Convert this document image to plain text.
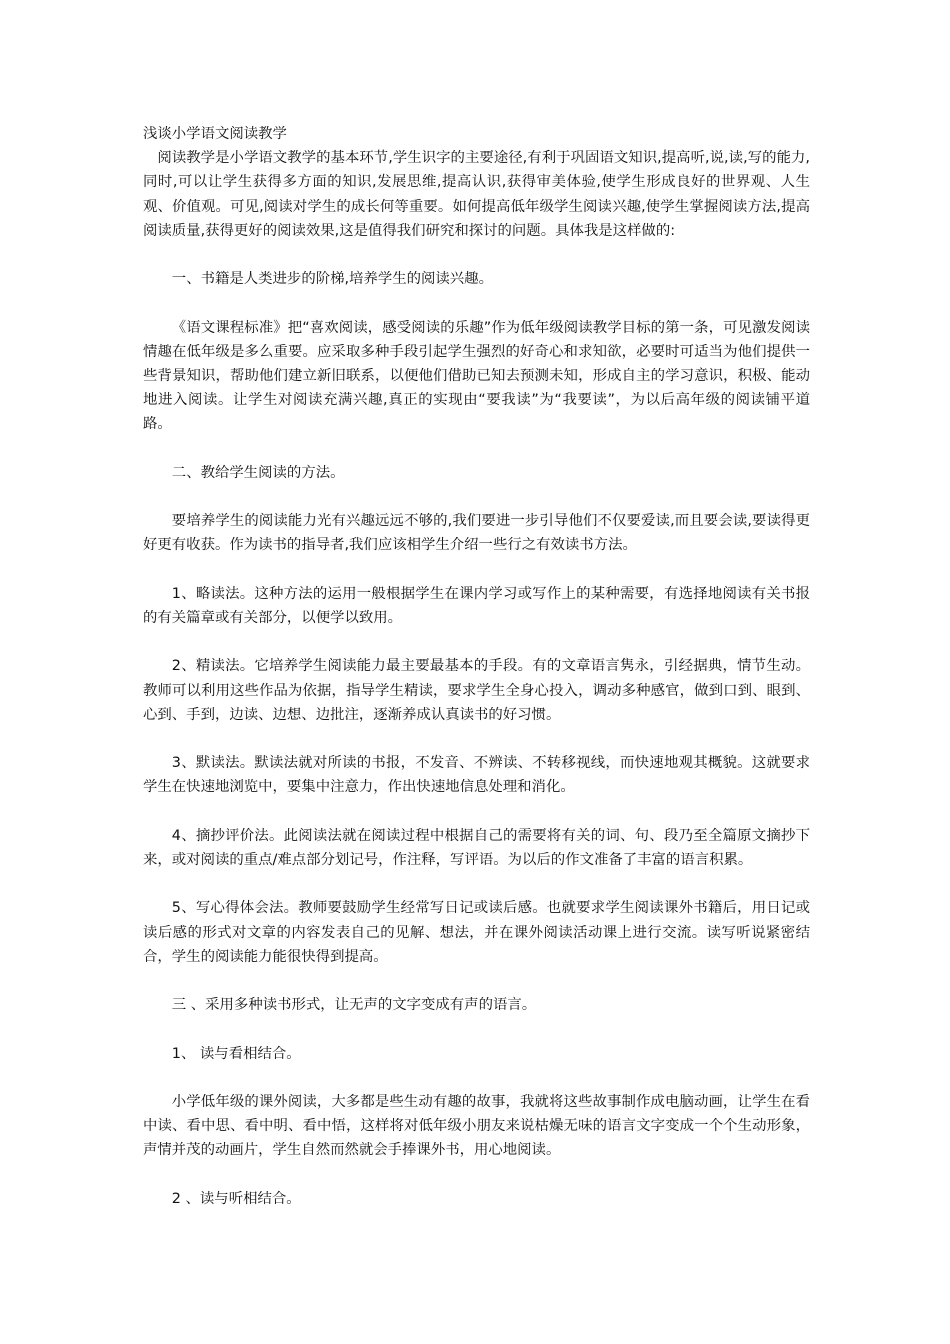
浅谈小学语文阅读教学

阅读教学是小学语文教学的基本环节,学生识字的主要途径,有利于巩固语文知识,提高听,说,读,写的能力,同时,可以让学生获得多方面的知识,发展思维,提高认识,获得审美体验,使学生形成良好的世界观、人生观、价值观。可见,阅读对学生的成长何等重要。如何提高低年级学生阅读兴趣,使学生掌握阅读方法,提高阅读质量,获得更好的阅读效果,这是值得我们研究和探讨的问题。具体我是这样做的:

一、书籍是人类进步的阶梯,培养学生的阅读兴趣。

《语文课程标准》把“喜欢阅读，感受阅读的乐趣”作为低年级阅读教学目标的第一条，可见激发阅读情趣在低年级是多么重要。应采取多种手段引起学生强烈的好奇心和求知欲，必要时可适当为他们提供一些背景知识，帮助他们建立新旧联系，以便他们借助已知去预测未知，形成自主的学习意识，积极、能动地进入阅读。让学生对阅读充满兴趣,真正的实现由“要我读”为“我要读”，为以后高年级的阅读铺平道路。

二、教给学生阅读的方法。

要培养学生的阅读能力光有兴趣远远不够的,我们要进一步引导他们不仅要爱读,而且要会读,要读得更好更有收获。作为读书的指导者,我们应该相学生介绍一些行之有效读书方法。

1、略读法。这种方法的运用一般根据学生在课内学习或写作上的某种需要，有选择地阅读有关书报的有关篇章或有关部分，以便学以致用。

2、精读法。它培养学生阅读能力最主要最基本的手段。有的文章语言隽永，引经据典，情节生动。教师可以利用这些作品为依据，指导学生精读，要求学生全身心投入，调动多种感官，做到口到、眼到、心到、手到，边读、边想、边批注，逐渐养成认真读书的好习惯。

3、默读法。默读法就对所读的书报，不发音、不辨读、不转移视线，而快速地观其概貌。这就要求学生在快速地浏览中，要集中注意力，作出快速地信息处理和消化。

4、摘抄评价法。此阅读法就在阅读过程中根据自己的需要将有关的词、句、段乃至全篇原文摘抄下来，或对阅读的重点/难点部分划记号，作注释，写评语。为以后的作文准备了丰富的语言积累。

5、写心得体会法。教师要鼓励学生经常写日记或读后感。也就要求学生阅读课外书籍后，用日记或读后感的形式对文章的内容发表自己的见解、想法，并在课外阅读活动课上进行交流。读写听说紧密结合，学生的阅读能力能很快得到提高。

三 、采用多种读书形式，让无声的文字变成有声的语言。

1、 读与看相结合。

小学低年级的课外阅读，大多都是些生动有趣的故事，我就将这些故事制作成电脑动画，让学生在看中读、看中思、看中明、看中悟，这样将对低年级小朋友来说枯燥无味的语言文字变成一个个生动形象，声情并茂的动画片，学生自然而然就会手捧课外书，用心地阅读。

2 、读与听相结合。
